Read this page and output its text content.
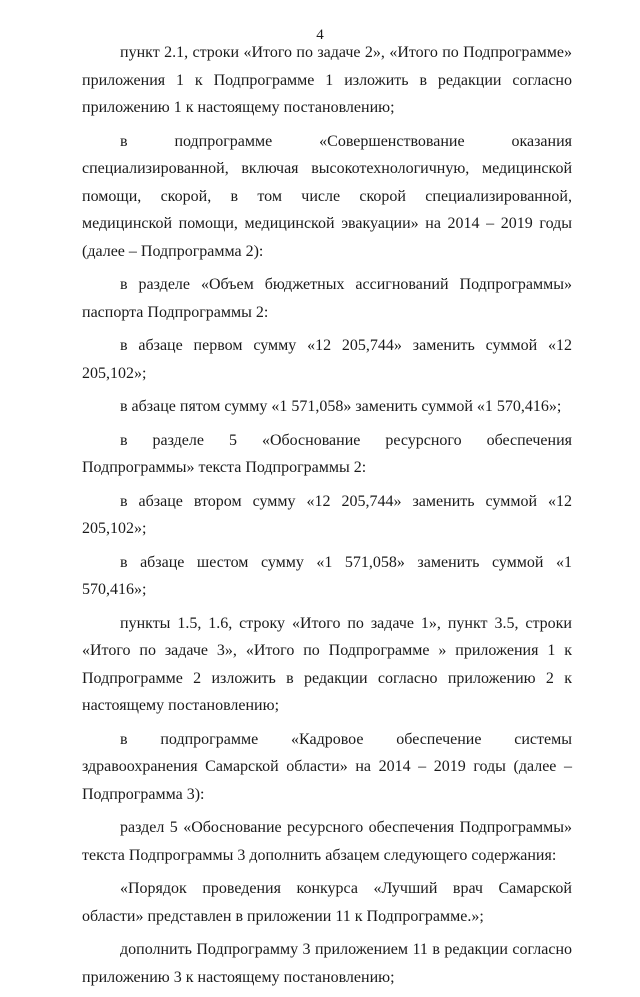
4

пункт 2.1, строки «Итого по задаче 2», «Итого по Подпрограмме» приложения 1 к Подпрограмме 1 изложить в редакции согласно приложению 1 к настоящему постановлению;

в подпрограмме «Совершенствование оказания специализированной, включая высокотехнологичную, медицинской помощи, скорой, в том числе скорой специализированной, медицинской помощи, медицинской эвакуации» на 2014 – 2019 годы (далее – Подпрограмма 2):

в разделе «Объем бюджетных ассигнований Подпрограммы» паспорта Подпрограммы 2:

в абзаце первом сумму «12 205,744» заменить суммой «12 205,102»;

в абзаце пятом сумму «1 571,058» заменить суммой «1 570,416»;

в разделе 5 «Обоснование ресурсного обеспечения Подпрограммы» текста Подпрограммы 2:

в абзаце втором сумму «12 205,744» заменить суммой «12 205,102»;

в абзаце шестом сумму «1 571,058» заменить суммой «1 570,416»;

пункты 1.5, 1.6, строку «Итого по задаче 1», пункт 3.5, строки «Итого по задаче 3», «Итого по Подпрограмме » приложения 1 к Подпрограмме 2 изложить в редакции согласно приложению 2 к настоящему постановлению;

в подпрограмме «Кадровое обеспечение системы здравоохранения Самарской области» на 2014 – 2019 годы (далее – Подпрограмма 3):

раздел 5 «Обоснование ресурсного обеспечения Подпрограммы» текста Подпрограммы 3 дополнить абзацем следующего содержания:

«Порядок проведения конкурса «Лучший врач Самарской области» представлен в приложении 11 к Подпрограмме.»;

дополнить Подпрограмму 3 приложением 11 в редакции согласно приложению 3 к настоящему постановлению;
